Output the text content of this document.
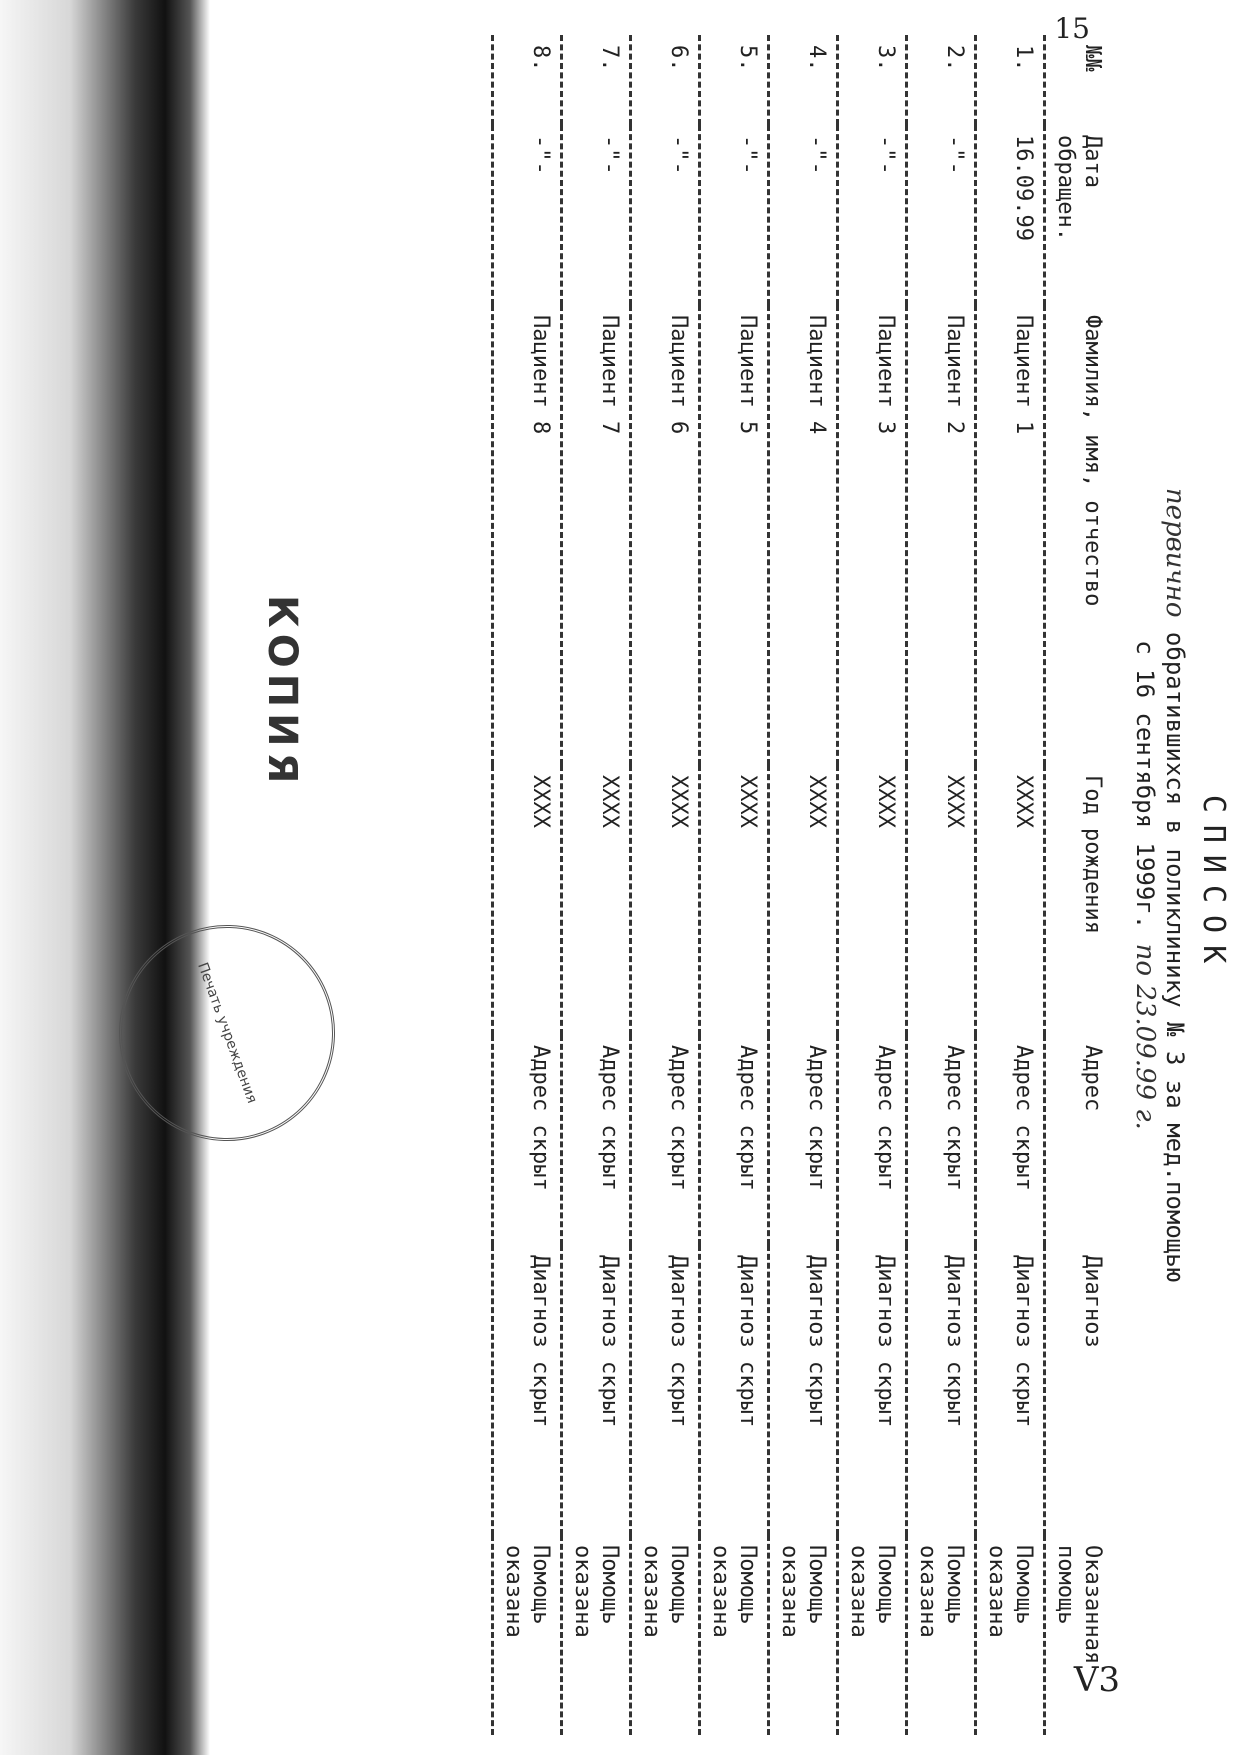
15
V3
СПИСОК
первично обратившихся в поликлинику № 3 за мед.помощью
с 16 сентября 1999г. по 23.09.99 г.
№№	Дата обращен.	Фамилия, имя, отчество	Год рождения	Адрес	Диагноз	Оказанная помощь
1.	16.09.99	Пациент 1	XXXX	Адрес скрыт	Диагноз скрыт	Помощь оказана
2.	-"-	Пациент 2	XXXX	Адрес скрыт	Диагноз скрыт	Помощь оказана
3.	-"-	Пациент 3	XXXX	Адрес скрыт	Диагноз скрыт	Помощь оказана
4.	-"-	Пациент 4	XXXX	Адрес скрыт	Диагноз скрыт	Помощь оказана
5.	-"-	Пациент 5	XXXX	Адрес скрыт	Диагноз скрыт	Помощь оказана
6.	-"-	Пациент 6	XXXX	Адрес скрыт	Диагноз скрыт	Помощь оказана
7.	-"-	Пациент 7	XXXX	Адрес скрыт	Диагноз скрыт	Помощь оказана
8.	-"-	Пациент 8	XXXX	Адрес скрыт	Диагноз скрыт	Помощь оказана
КОПИЯ
Печать учреждения
